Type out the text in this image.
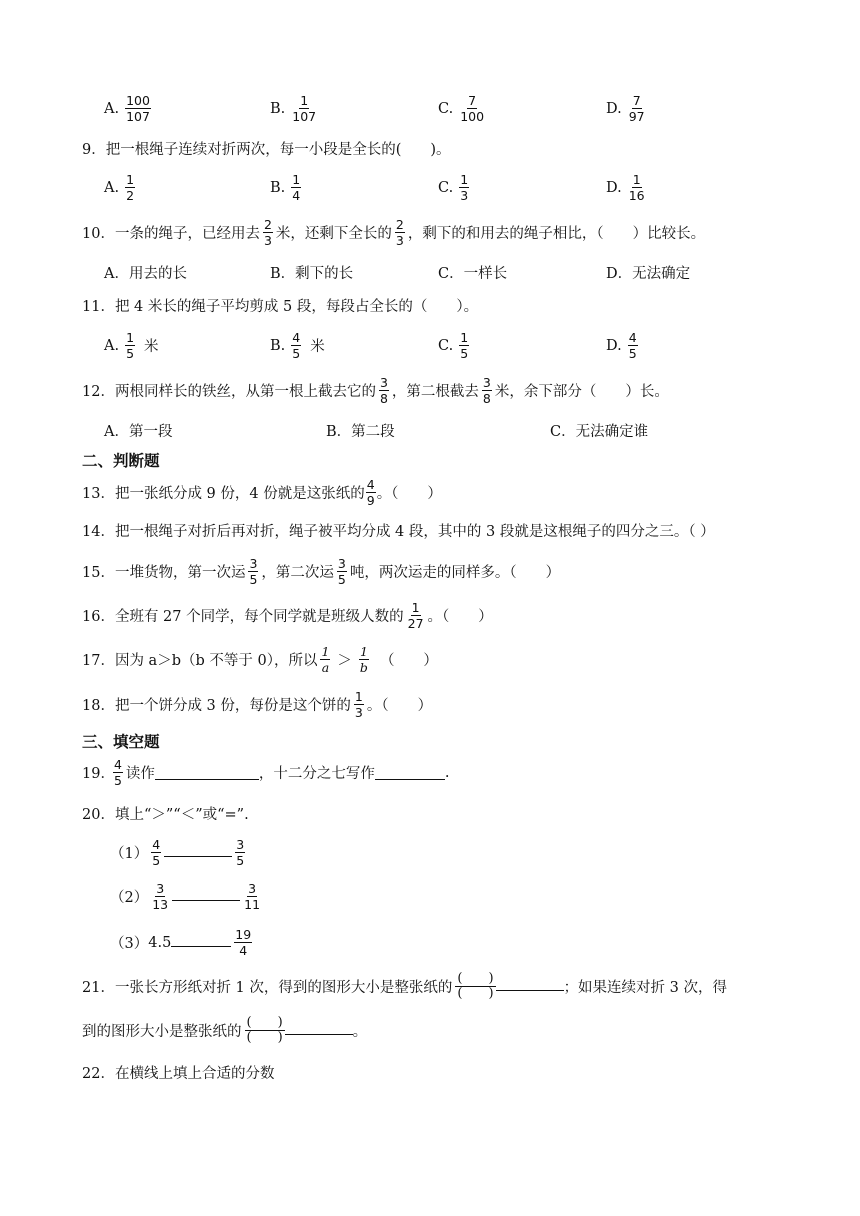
A. $\frac{100}{107}$	B. $\frac{1}{107}$	C. $\frac{7}{100}$	D. $\frac{7}{97}$
9．把一根绳子连续对折两次，每一小段是全长的(　　)。
A. $\frac{1}{2}$	B. $\frac{1}{4}$	C. $\frac{1}{3}$	D. $\frac{1}{16}$
10．一条的绳子，已经用去 $\frac{2}{3}$ 米，还剩下全长的 $\frac{2}{3}$ ，剩下的和用去的绳子相比，（　　）比较长。
A．用去的长	B．剩下的长	C．一样长	D．无法确定
11．把 4 米长的绳子平均剪成 5 段，每段占全长的（　　）。
A. $\frac{1}{5}$ 米	B. $\frac{4}{5}$ 米	C. $\frac{1}{5}$	D. $\frac{4}{5}$
12．两根同样长的铁丝，从第一根上截去它的 $\frac{3}{8}$ ，第二根截去 $\frac{3}{8}$ 米，余下部分（　　）长。
A．第一段	B．第二段	C．无法确定谁
二、判断题
13．把一张纸分成 9 份，4 份就是这张纸的 $\frac{4}{9}$ 。（　　）
14．把一根绳子对折后再对折，绳子被平均分成 4 段，其中的 3 段就是这根绳子的四分之三。（ ）
15．一堆货物，第一次运 $\frac{3}{5}$ ，第二次运 $\frac{3}{5}$ 吨，两次运走的同样多。（　　）
16．全班有 27 个同学，每个同学就是班级人数的 $\frac{1}{27}$ 。（　　）
17．因为 a＞b（b 不等于 0），所以 $\frac{1}{a} > \frac{1}{b}$ （　　）
18．把一个饼分成 3 份，每份是这个饼的 $\frac{1}{3}$ 。（　　）
三、填空题
19．
$\frac{4}{5}$ 读作	，十二分之七写作	.
20．填上“＞”“＜”或“=”.
$(1) \frac{4}{5}$	$\frac{3}{5}$
$(2) \frac{3}{13}$	$\frac{3}{11}$
（3） 4.5	$\frac{19}{4}$
21．一张长方形纸对折 1 次，得到的图形大小是整张纸的
(　　)
(　　)	；如果连续对折 3 次，得
到的图形大小是整张纸的
(　　)
(　　)	。
22．在横线上填上合适的分数
